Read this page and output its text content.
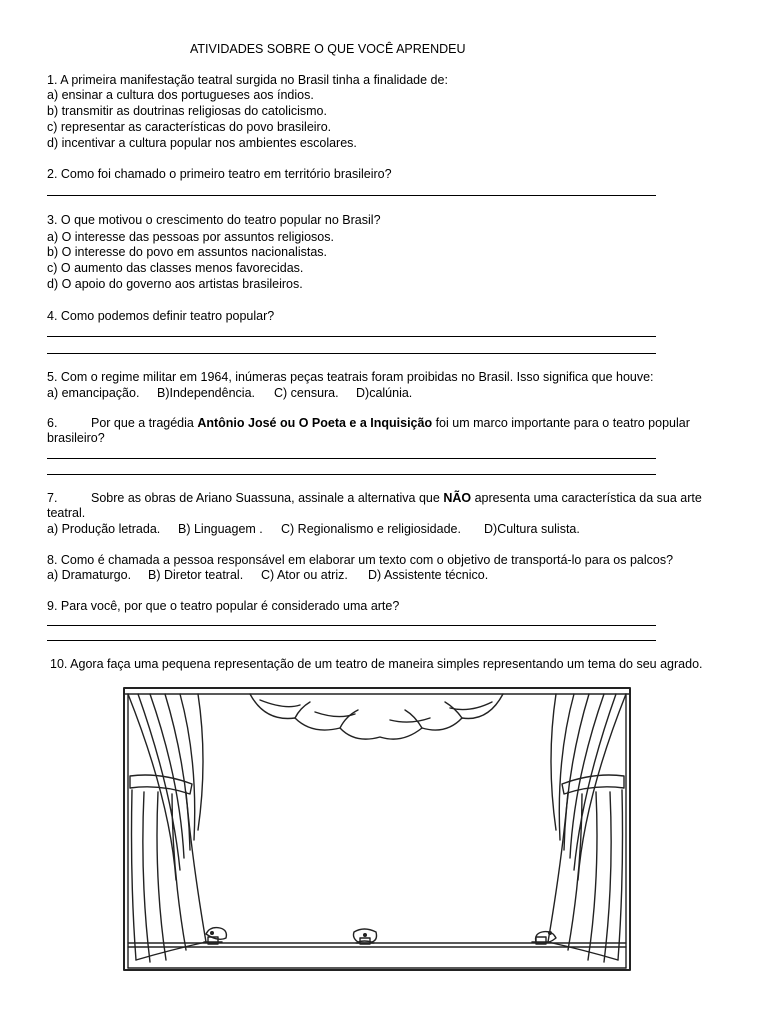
ATIVIDADES SOBRE O QUE VOCÊ APRENDEU
1. A primeira manifestação teatral surgida no Brasil tinha a finalidade de:
a) ensinar a cultura dos portugueses aos índios.
b) transmitir as doutrinas religiosas do catolicismo.
c) representar as características do povo brasileiro.
d) incentivar a cultura popular nos ambientes escolares.
2. Como foi chamado o primeiro teatro em território brasileiro?
3. O que motivou o crescimento do teatro popular no Brasil?
a) O interesse das pessoas por assuntos religiosos.
b) O interesse do povo em assuntos nacionalistas.
c) O aumento das classes menos favorecidas.
d) O apoio do governo aos artistas brasileiros.
4. Como podemos definir teatro popular?
5. Com o regime militar em 1964, inúmeras peças teatrais foram proibidas no Brasil. Isso significa que houve:
a) emancipação. B)Independência. C) censura. D)calúnia.
6.	Por que a tragédia Antônio José ou O Poeta e a Inquisição foi um marco importante para o teatro popular
brasileiro?
7.	Sobre as obras de Ariano Suassuna, assinale a alternativa que NÃO apresenta uma característica da sua arte
teatral.
a) Produção letrada. B) Linguagem . C) Regionalismo e religiosidade. D)Cultura sulista.
8. Como é chamada a pessoa responsável em elaborar um texto com o objetivo de transportá-lo para os palcos?
a) Dramaturgo. B) Diretor teatral. C) Ator ou atriz. D) Assistente técnico.
9. Para você, por que o teatro popular é considerado uma arte?
10. Agora faça uma pequena representação de um teatro de maneira simples representando um tema do seu agrado.
